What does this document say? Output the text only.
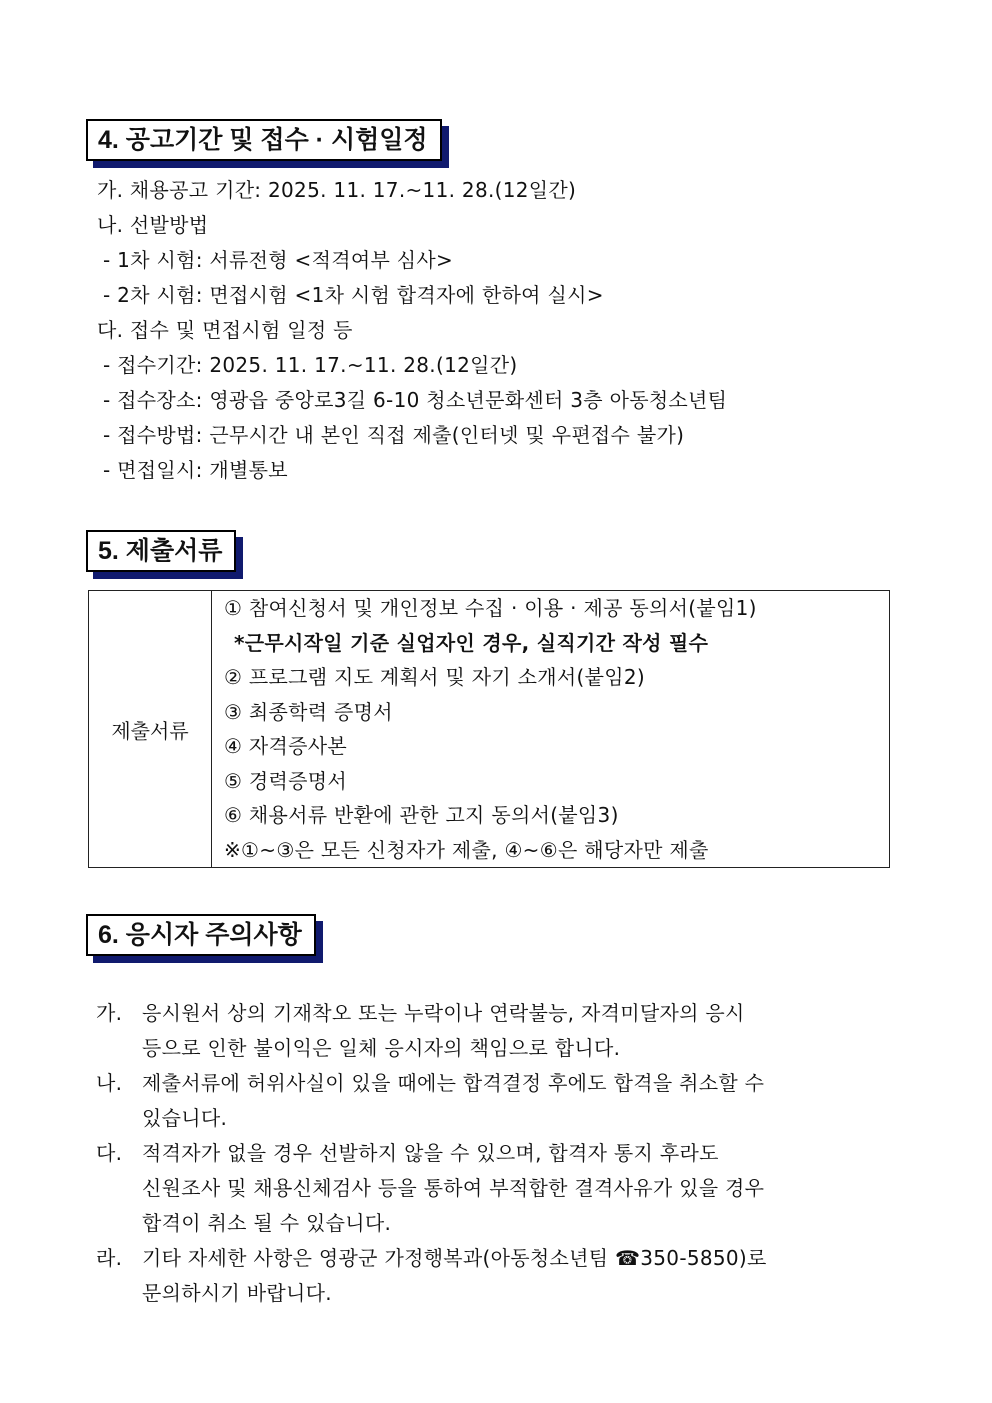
4. 공고기간 및 접수 · 시험일정
가. 채용공고 기간: 2025. 11. 17.~11. 28.(12일간)
나. 선발방법
- 1차 시험: 서류전형 <적격여부 심사>
- 2차 시험: 면접시험 <1차 시험 합격자에 한하여 실시>
다. 접수 및 면접시험 일정 등
- 접수기간: 2025. 11. 17.~11. 28.(12일간)
- 접수장소: 영광읍 중앙로3길 6-10 청소년문화센터 3층 아동청소년팀
- 접수방법: 근무시간 내 본인 직접 제출(인터넷 및 우편접수 불가)
- 면접일시: 개별통보
5. 제출서류
제출서류	
① 참여신청서 및 개인정보 수집 · 이용 · 제공 동의서(붙임1)
*근무시작일 기준 실업자인 경우, 실직기간 작성 필수
② 프로그램 지도 계획서 및 자기 소개서(붙임2)
③ 최종학력 증명서
④ 자격증사본
⑤ 경력증명서
⑥ 채용서류 반환에 관한 고지 동의서(붙임3)
※①~③은 모든 신청자가 제출, ④~⑥은 해당자만 제출
6. 응시자 주의사항
가. 응시원서 상의 기재착오 또는 누락이나 연락불능, 자격미달자의 응시
등으로 인한 불이익은 일체 응시자의 책임으로 합니다.
나. 제출서류에 허위사실이 있을 때에는 합격결정 후에도 합격을 취소할 수
있습니다.
다. 적격자가 없을 경우 선발하지 않을 수 있으며, 합격자 통지 후라도
신원조사 및 채용신체검사 등을 통하여 부적합한 결격사유가 있을 경우
합격이 취소 될 수 있습니다.
라. 기타 자세한 사항은 영광군 가정행복과(아동청소년팀 ☎350-5850)로
문의하시기 바랍니다.
